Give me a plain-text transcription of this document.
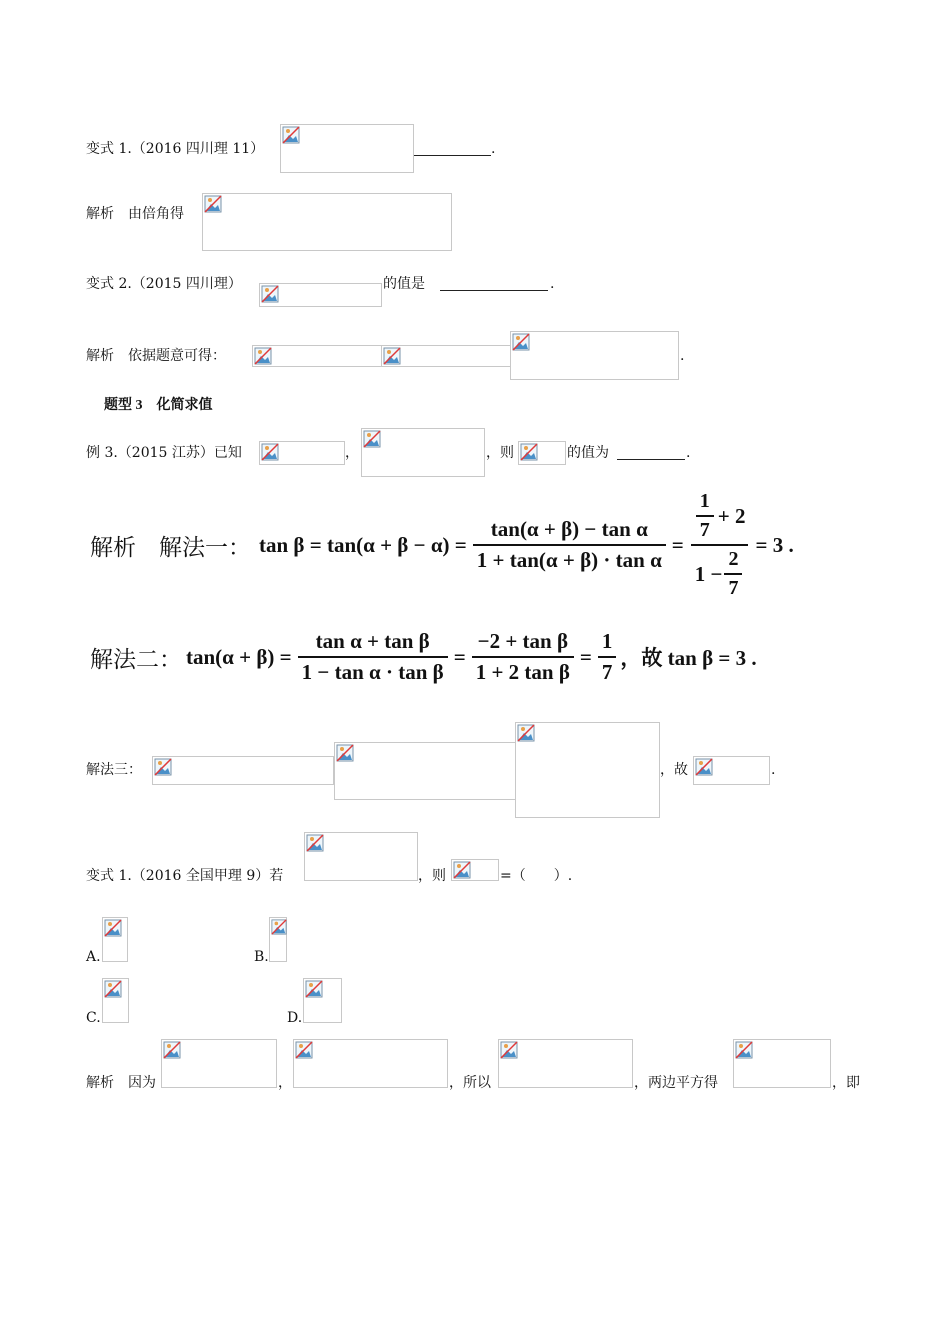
变式 1.（2016 四川理 11）	.
解析　由倍角得
变式 2.（2015 四川理）	的值是	.
解析　依据题意可得：	.
题型 3　化简求值
例 3.（2015 江苏）已知	，	，则	的值为	.
解析　解法一： $\tan \beta = \tan(\alpha + \beta - \alpha) = \frac{\text{tan(α + β) − tan α}}{\text{1 + tan(α + β) · tan α}} = \frac{\frac{1}{7} + 2}{1 - \frac{2}{7}} = 3$ .
解法二： $\tan(\alpha + \beta) = \frac{\text{tan α + tan β}}{\text{1 − tan α · tan β}} = \frac{\text{−2 + tan β}}{\text{1 + 2 tan β}} = \frac{1}{7}$ ，故 tan β = 3 .
解法三：	，故	.
变式 1.（2016 全国甲理 9）若	，则	=（　　）.
A.	B.
C.	D.
解析　因为	，	，所以	，两边平方得	，即
